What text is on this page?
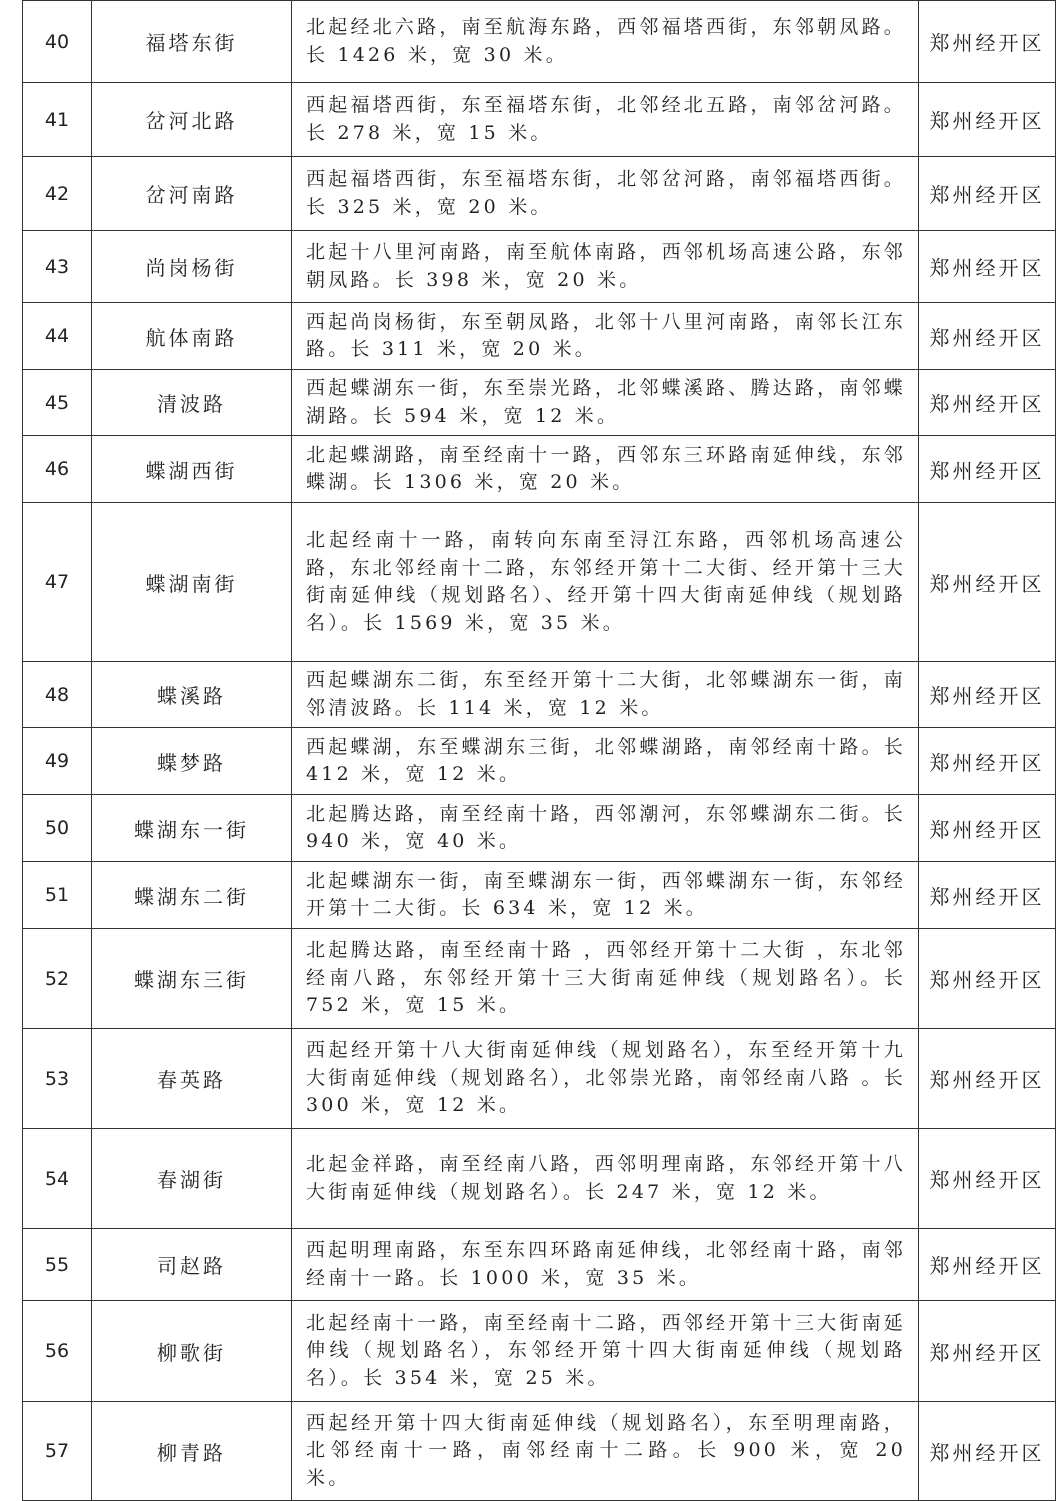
40	福塔东街	北起经北六路，南至航海东路，西邻福塔西街，东邻朝凤路。长 1426 米，宽 30 米。	郑州经开区
41	岔河北路	西起福塔西街，东至福塔东街，北邻经北五路，南邻岔河路。长 278 米，宽 15 米。	郑州经开区
42	岔河南路	西起福塔西街，东至福塔东街，北邻岔河路，南邻福塔西街。长 325 米，宽 20 米。	郑州经开区
43	尚岗杨街	北起十八里河南路，南至航体南路，西邻机场高速公路，东邻朝凤路。长 398 米，宽 20 米。	郑州经开区
44	航体南路	西起尚岗杨街，东至朝凤路，北邻十八里河南路，南邻长江东路。长 311 米，宽 20 米。	郑州经开区
45	清波路	西起蝶湖东一街，东至崇光路，北邻蝶溪路、腾达路，南邻蝶湖路。长 594 米，宽 12 米。	郑州经开区
46	蝶湖西街	北起蝶湖路，南至经南十一路，西邻东三环路南延伸线，东邻蝶湖。长 1306 米，宽 20 米。	郑州经开区
47	蝶湖南街	北起经南十一路，南转向东南至浔江东路，西邻机场高速公路，东北邻经南十二路，东邻经开第十二大街、经开第十三大街南延伸线（规划路名）、经开第十四大街南延伸线（规划路名）。长 1569 米，宽 35 米。	郑州经开区
48	蝶溪路	西起蝶湖东二街，东至经开第十二大街，北邻蝶湖东一街，南邻清波路。长 114 米，宽 12 米。	郑州经开区
49	蝶梦路	西起蝶湖，东至蝶湖东三街，北邻蝶湖路，南邻经南十路。长 412 米，宽 12 米。	郑州经开区
50	蝶湖东一街	北起腾达路，南至经南十路，西邻潮河，东邻蝶湖东二街。长 940 米，宽 40 米。	郑州经开区
51	蝶湖东二街	北起蝶湖东一街，南至蝶湖东一街，西邻蝶湖东一街，东邻经开第十二大街。长 634 米，宽 12 米。	郑州经开区
52	蝶湖东三街	北起腾达路，南至经南十路 ，西邻经开第十二大街 ，东北邻经南八路，东邻经开第十三大街南延伸线（规划路名）。长 752 米，宽 15 米。	郑州经开区
53	春英路	西起经开第十八大街南延伸线（规划路名），东至经开第十九大街南延伸线（规划路名），北邻崇光路，南邻经南八路 。长 300 米，宽 12 米。	郑州经开区
54	春湖街	北起金祥路，南至经南八路，西邻明理南路，东邻经开第十八大街南延伸线（规划路名）。长 247 米，宽 12 米。	郑州经开区
55	司赵路	西起明理南路，东至东四环路南延伸线，北邻经南十路，南邻经南十一路。长 1000 米，宽 35 米。	郑州经开区
56	柳歌街	北起经南十一路，南至经南十二路，西邻经开第十三大街南延伸线（规划路名），东邻经开第十四大街南延伸线（规划路名）。长 354 米，宽 25 米。	郑州经开区
57	柳青路	西起经开第十四大街南延伸线（规划路名），东至明理南路，北邻经南十一路，南邻经南十二路。长 900 米，宽 20 米。	郑州经开区
